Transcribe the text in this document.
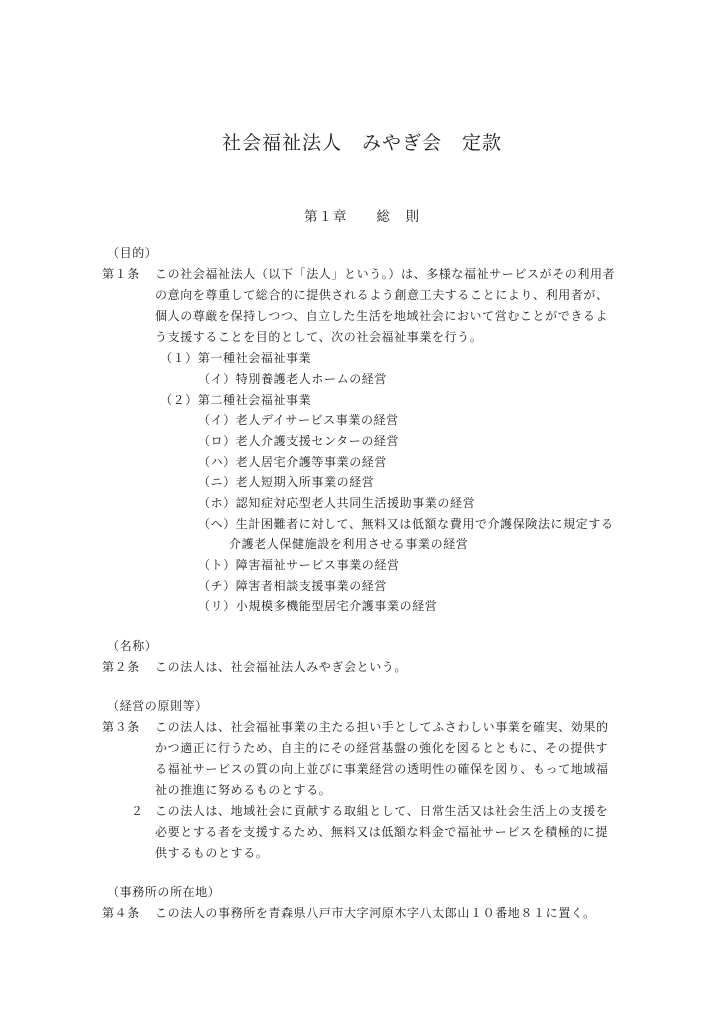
社会福祉法人　みやぎ会　定款
第１章　　総　則
（目的）
第１条 この社会福祉法人（以下「法人」という。）は、多様な福祉サービスがその利用者
の意向を尊重して総合的に提供されるよう創意工夫することにより、利用者が、
個人の尊厳を保持しつつ、自立した生活を地域社会において営むことができるよ
う支援することを目的として、次の社会福祉事業を行う。
（１）第一種社会福祉事業
（イ）特別養護老人ホームの経営
（２）第二種社会福祉事業
（イ）老人デイサービス事業の経営
（ロ）老人介護支援センターの経営
（ハ）老人居宅介護等事業の経営
（ニ）老人短期入所事業の経営
（ホ）認知症対応型老人共同生活援助事業の経営
（ヘ）生計困難者に対して、無料又は低額な費用で介護保険法に規定する
介護老人保健施設を利用させる事業の経営
（ト）障害福祉サービス事業の経営
（チ）障害者相談支援事業の経営
（リ）小規模多機能型居宅介護事業の経営
（名称）
第２条 この法人は、社会福祉法人みやぎ会という。
（経営の原則等）
第３条 この法人は、社会福祉事業の主たる担い手としてふさわしい事業を確実、効果的
かつ適正に行うため、自主的にその経営基盤の強化を図るとともに、その提供す
る福祉サービスの質の向上並びに事業経営の透明性の確保を図り、もって地域福
祉の推進に努めるものとする。
２ この法人は、地域社会に貢献する取組として、日常生活又は社会生活上の支援を
必要とする者を支援するため、無料又は低額な料金で福祉サービスを積極的に提
供するものとする。
（事務所の所在地）
第４条 この法人の事務所を青森県八戸市大字河原木字八太郎山１０番地８１に置く。
